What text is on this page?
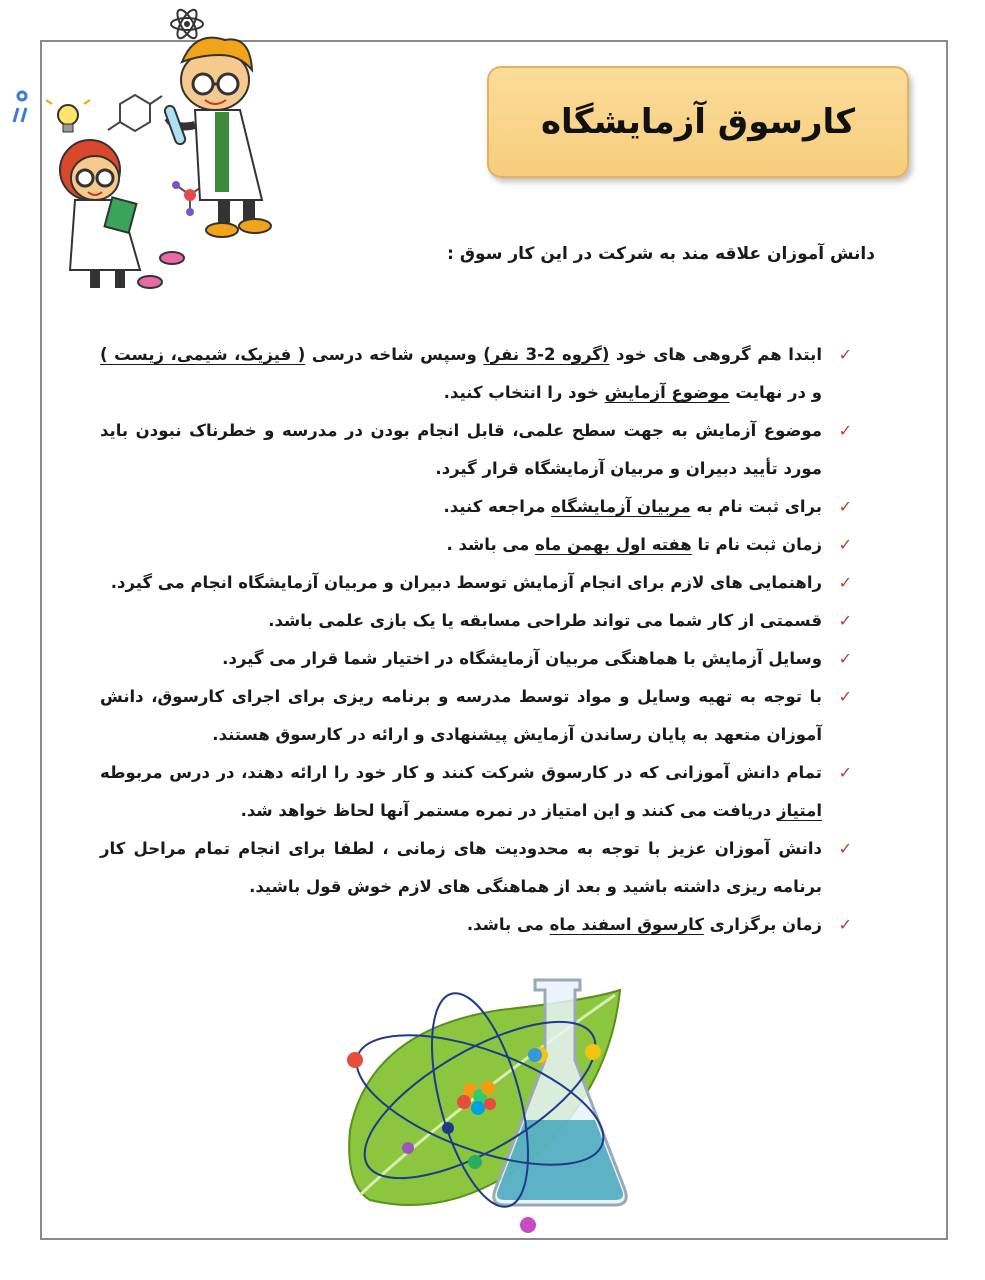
کارسوق آزمایشگاه
دانش آموزان علاقه مند به شرکت در این کار سوق :
✓
ابتدا هم گروهی های خود (گروه 2-3 نفر) وسپس شاخه درسی ( فیزیک، شیمی، زیست ) و در نهایت موضوع آزمایش خود را انتخاب کنید.
✓
موضوع آزمایش به جهت سطح علمی، قابل انجام بودن در مدرسه و خطرناک نبودن باید مورد تأیید دبیران و مربیان آزمایشگاه قرار گیرد.
✓
برای ثبت نام به مربیان آزمایشگاه مراجعه کنید.
✓
زمان ثبت نام تا هفته اول بهمن ماه می باشد .
✓
راهنمایی های لازم برای انجام آزمایش توسط دبیران و مربیان آزمایشگاه انجام می گیرد.
✓
قسمتی از کار شما می تواند طراحی مسابقه یا یک بازی علمی باشد.
✓
وسایل آزمایش با هماهنگی مربیان آزمایشگاه در اختیار شما قرار می گیرد.
✓
با توجه به تهیه وسایل و مواد توسط مدرسه و برنامه ریزی برای اجرای کارسوق، دانش آموزان متعهد به پایان رساندن آزمایش پیشنهادی و ارائه در کارسوق هستند.
✓
تمام دانش آموزانی که در کارسوق شرکت کنند و کار خود را ارائه دهند، در درس مربوطه امتیاز دریافت می کنند و این امتیاز در نمره مستمر آنها لحاظ خواهد شد.
✓
دانش آموزان عزیز با توجه به محدودیت های زمانی ، لطفا برای انجام تمام مراحل کار برنامه ریزی داشته باشید و بعد از هماهنگی های لازم خوش قول باشید.
✓
زمان برگزاری کارسوق اسفند ماه می باشد.
